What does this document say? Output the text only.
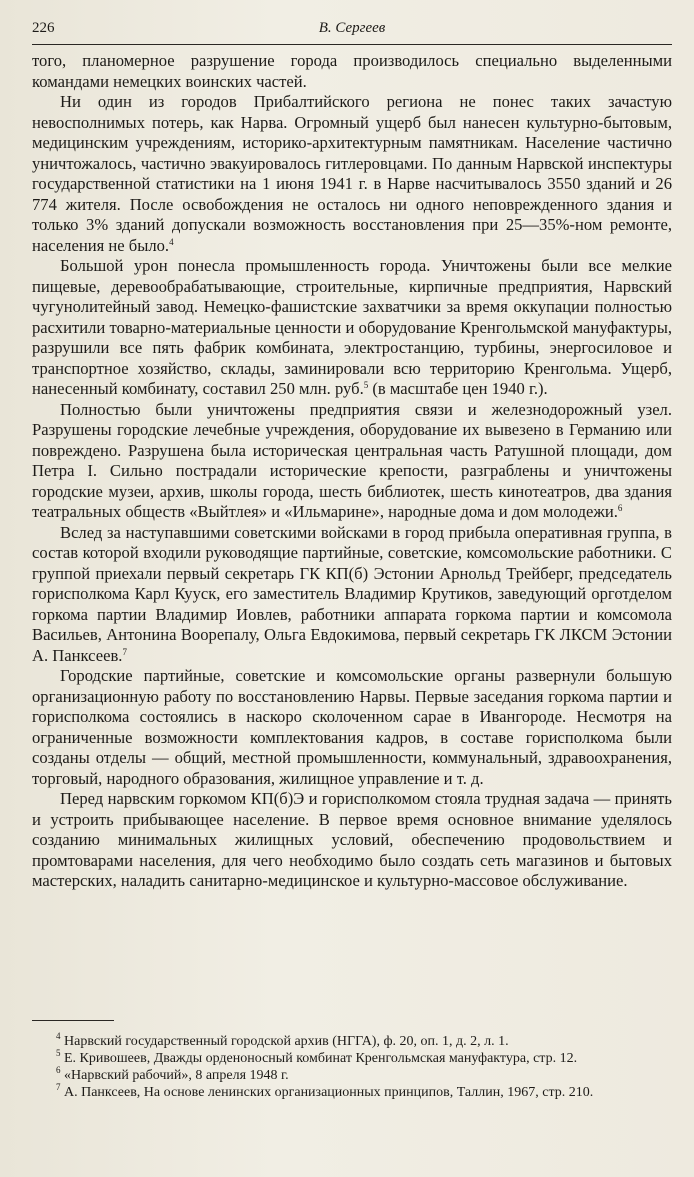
226	В. Сергеев

того, планомерное разрушение города производилось специально выделенными командами немецких воинских частей.

Ни один из городов Прибалтийского региона не понес таких зачастую невосполнимых потерь, как Нарва. Огромный ущерб был нанесен культурно-бытовым, медицинским учреждениям, историко-архитектурным памятникам. Население частично уничтожалось, частично эвакуировалось гитлеровцами. По данным Нарвской инспектуры государственной статистики на 1 июня 1941 г. в Нарве насчитывалось 3550 зданий и 26 774 жителя. После освобождения не осталось ни одного неповрежденного здания и только 3% зданий допускали возможность восстановления при 25—35%-ном ремонте, населения не было.$^4$

Большой урон понесла промышленность города. Уничтожены были все мелкие пищевые, деревообрабатывающие, строительные, кирпичные предприятия, Нарвский чугунолитейный завод. Немецко-фашистские захватчики за время оккупации полностью расхитили товарно-материальные ценности и оборудование Кренгольмской мануфактуры, разрушили все пять фабрик комбината, электростанцию, турбины, энергосиловое и транспортное хозяйство, склады, заминировали всю территорию Кренгольма. Ущерб, нанесенный комбинату, составил 250 млн. руб.$^5$ (в масштабе цен 1940 г.).

Полностью были уничтожены предприятия связи и железнодорожный узел. Разрушены городские лечебные учреждения, оборудование их вывезено в Германию или повреждено. Разрушена была историческая центральная часть Ратушной площади, дом Петра I. Сильно пострадали исторические крепости, разграблены и уничтожены городские музеи, архив, школы города, шесть библиотек, шесть кинотеатров, два здания театральных обществ «Выйтлея» и «Ильмарине», народные дома и дом молодежи.$^6$

Вслед за наступавшими советскими войсками в город прибыла оперативная группа, в состав которой входили руководящие партийные, советские, комсомольские работники. С группой приехали первый секретарь ГК КП(б) Эстонии Арнольд Трейберг, председатель горисполкома Карл Кууск, его заместитель Владимир Крутиков, заведующий орготделом горкома партии Владимир Иовлев, работники аппарата горкома партии и комсомола Васильев, Антонина Воорепалу, Ольга Евдокимова, первый секретарь ГК ЛКСМ Эстонии А. Панксеев.$^7$

Городские партийные, советские и комсомольские органы развернули большую организационную работу по восстановлению Нарвы. Первые заседания горкома партии и горисполкома состоялись в наскоро сколоченном сарае в Ивангороде. Несмотря на ограниченные возможности комплектования кадров, в составе горисполкома были созданы отделы — общий, местной промышленности, коммунальный, здравоохранения, торговый, народного образования, жилищное управление и т. д.

Перед нарвским горкомом КП(б)Э и горисполкомом стояла трудная задача — принять и устроить прибывающее население. В первое время основное внимание уделялось созданию минимальных жилищных условий, обеспечению продовольствием и промтоварами населения, для чего необходимо было создать сеть магазинов и бытовых мастерских, наладить санитарно-медицинское и культурно-массовое обслуживание.

$^4$ Нарвский государственный городской архив (НГГА), ф. 20, оп. 1, д. 2, л. 1.

$^5$ Е. Кривошеев, Дважды орденоносный комбинат Кренгольмская мануфактура, стр. 12.

$^6$ «Нарвский рабочий», 8 апреля 1948 г.

$^7$ А. Панксеев, На основе ленинских организационных принципов, Таллин, 1967, стр. 210.
